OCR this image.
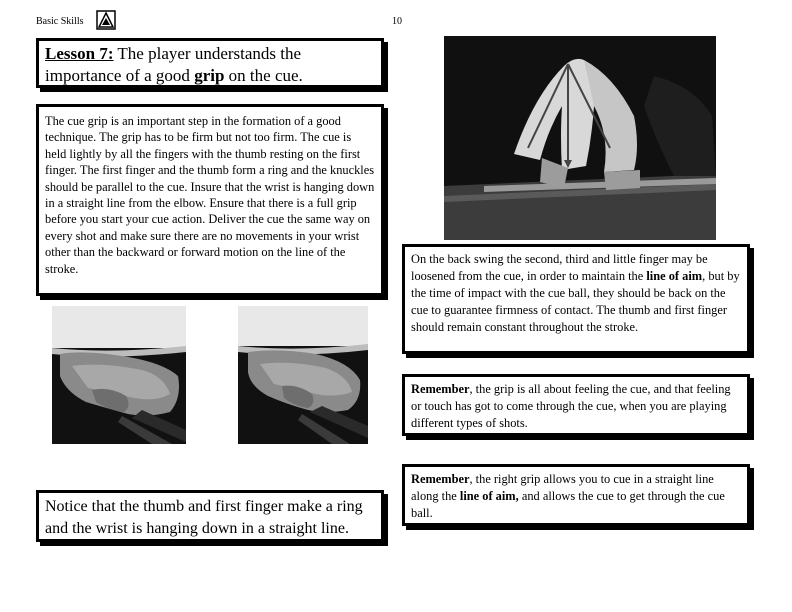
Basic Skills	10
Lesson 7: The player understands the importance of a good grip on the cue.
The cue grip is an important step in the formation of a good technique. The grip has to be firm but not too firm. The cue is held lightly by all the fingers with the thumb resting on the first finger. The first finger and the thumb form a ring and the knuckles should be parallel to the cue. Insure that the wrist is hanging down in a straight line from the elbow. Ensure that there is a full grip before you start your cue action. Deliver the cue the same way on every shot and make sure there are no movements in your wrist other than the backward or forward motion on the line of the stroke.
Notice that the thumb and first finger make a ring and the wrist is hanging down in a straight line.
On the back swing the second, third and little finger may be loosened from the cue, in order to maintain the line of aim, but by the time of impact with the cue ball, they should be back on the cue to guarantee firmness of contact. The thumb and first finger should remain constant throughout the stroke.
Remember, the grip is all about feeling the cue, and that feeling or touch has got to come through the cue, when you are playing different types of shots.
Remember, the right grip allows you to cue in a straight line along the line of aim, and allows the cue to get through the cue ball.
